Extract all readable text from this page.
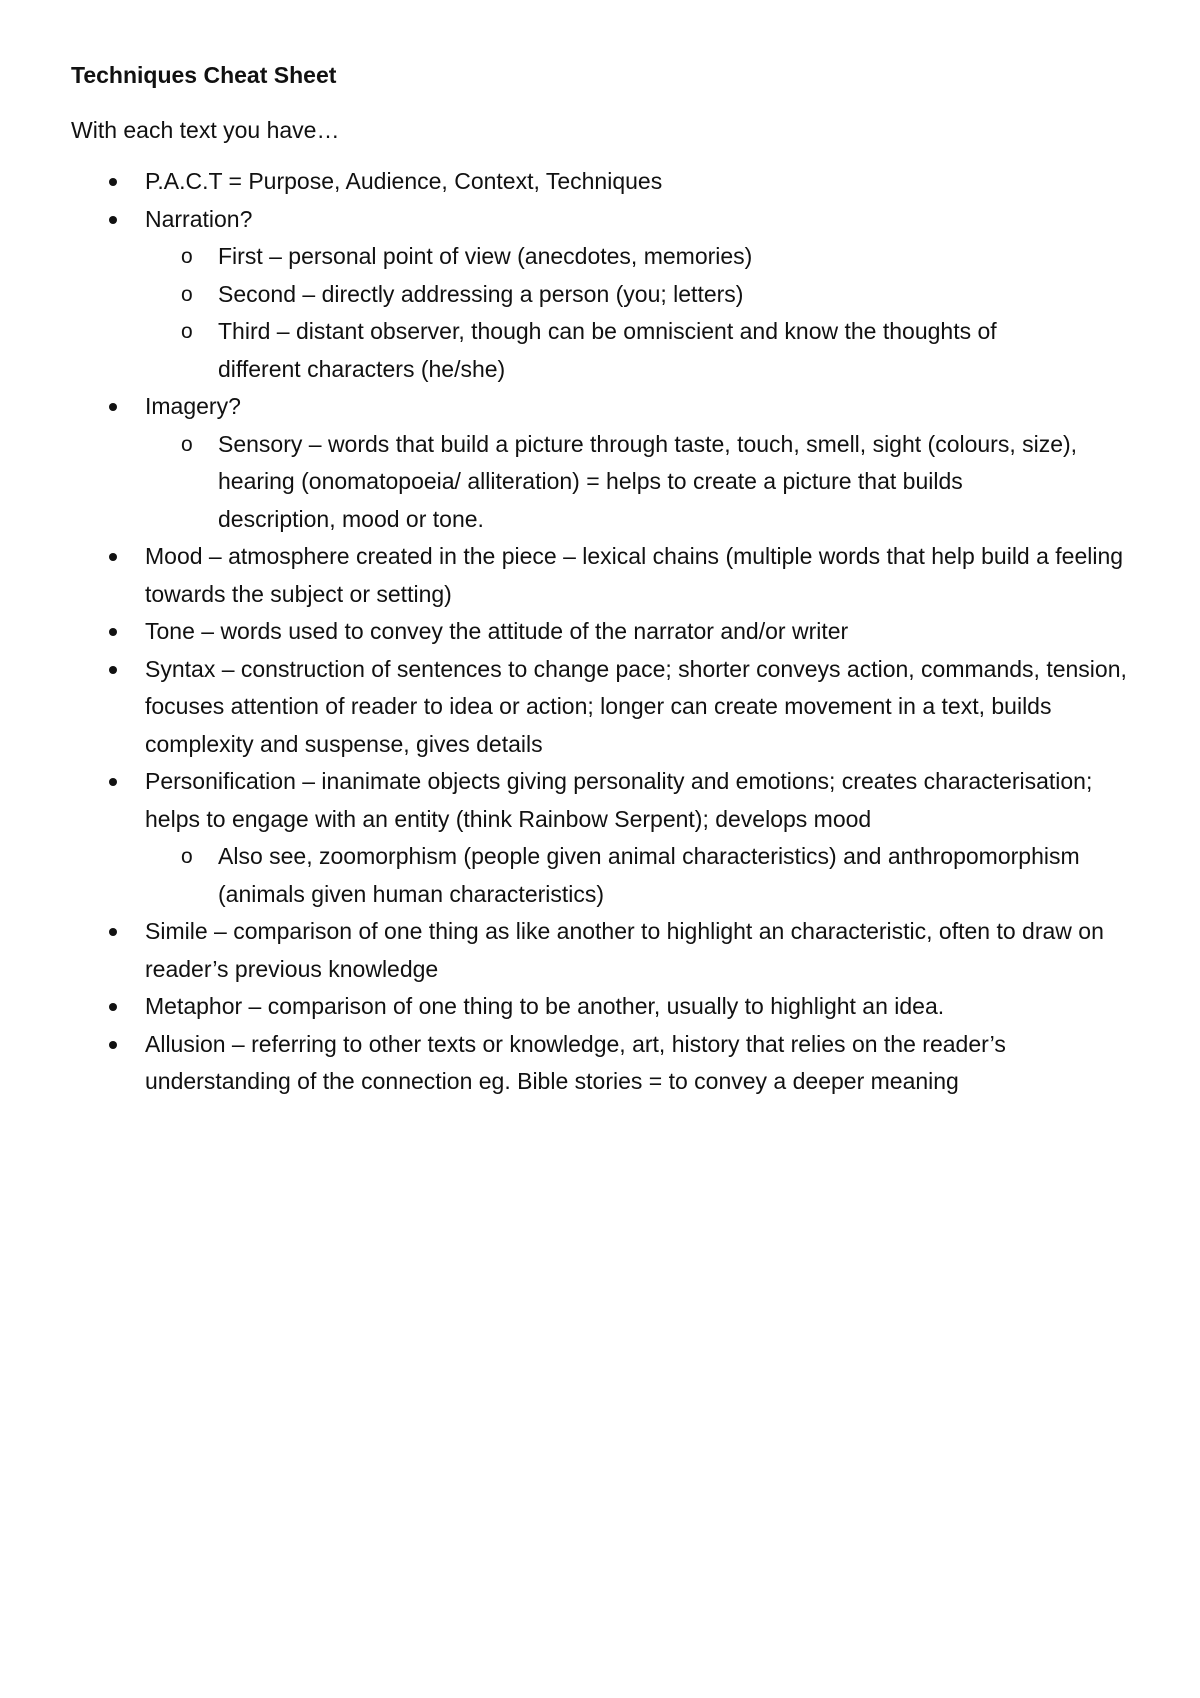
Techniques Cheat Sheet
With each text you have…
P.A.C.T = Purpose, Audience, Context, Techniques
Narration?
o First – personal point of view (anecdotes, memories)
o Second – directly addressing a person (you; letters)
o Third – distant observer, though can be omniscient and know the thoughts of different characters (he/she)
Imagery?
o Sensory – words that build a picture through taste, touch, smell, sight (colours, size), hearing (onomatopoeia/ alliteration) = helps to create a picture that builds description, mood or tone.
Mood – atmosphere created in the piece – lexical chains (multiple words that help build a feeling towards the subject or setting)
Tone – words used to convey the attitude of the narrator and/or writer
Syntax – construction of sentences to change pace; shorter conveys action, commands, tension, focuses attention of reader to idea or action; longer can create movement in a text, builds complexity and suspense, gives details
Personification – inanimate objects giving personality and emotions; creates characterisation; helps to engage with an entity (think Rainbow Serpent); develops mood
o Also see, zoomorphism (people given animal characteristics) and anthropomorphism (animals given human characteristics)
Simile – comparison of one thing as like another to highlight an characteristic, often to draw on reader’s previous knowledge
Metaphor – comparison of one thing to be another, usually to highlight an idea.
Allusion – referring to other texts or knowledge, art, history that relies on the reader’s understanding of the connection eg. Bible stories = to convey a deeper meaning
